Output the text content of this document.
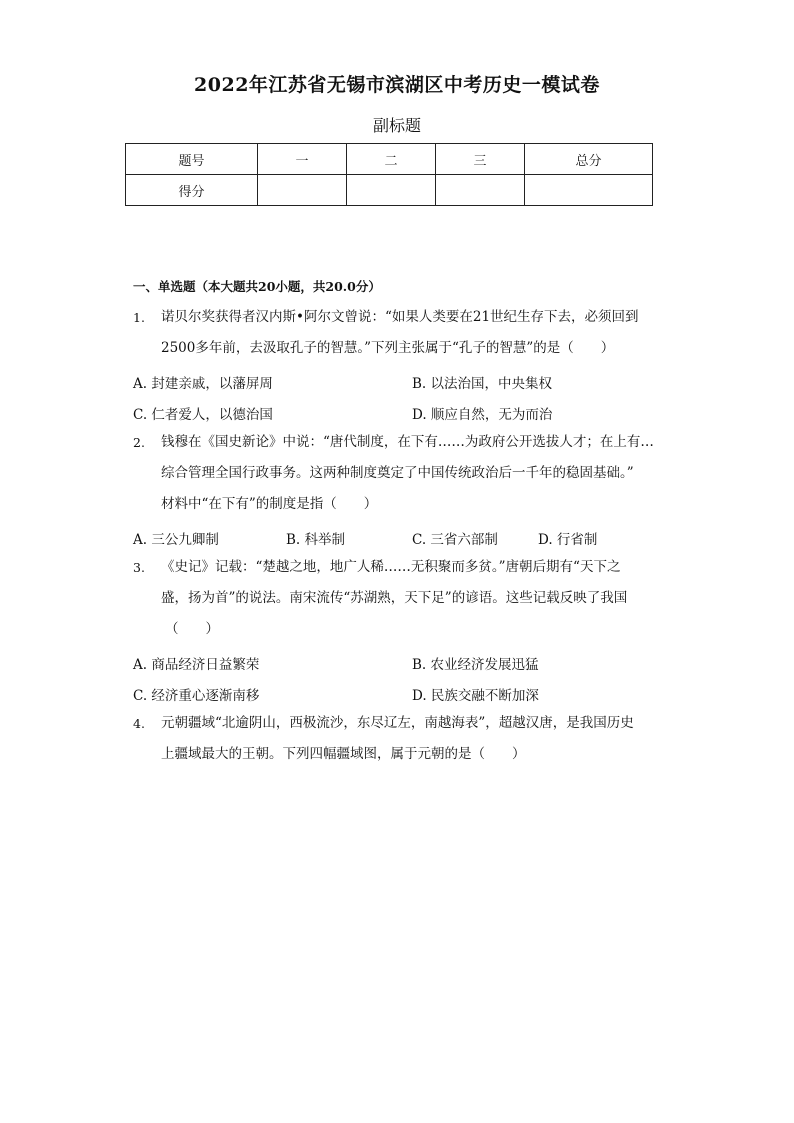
2022年江苏省无锡市滨湖区中考历史一模试卷
副标题
题号	一	二	三	总分
得分				
一、单选题（本大题共20小题，共20.0分）
1. 诺贝尔奖获得者汉内斯•阿尔文曾说：“如果人类要在21世纪生存下去，必须回到
2500多年前，去汲取孔子的智慧。”下列主张属于“孔子的智慧”的是（　　）
A. 封建亲戚，以藩屏周	B. 以法治国，中央集权
C. 仁者爱人，以德治国	D. 顺应自然，无为而治
2. 钱穆在《国史新论》中说：“唐代制度，在下有……为政府公开选拔人才；在上有…
综合管理全国行政事务。这两种制度奠定了中国传统政治后一千年的稳固基础。”
材料中“在下有”的制度是指（　　）
A. 三公九卿制	B. 科举制	C. 三省六部制	D. 行省制
3. 《史记》记载：“楚越之地，地广人稀……无积聚而多贫。”唐朝后期有“天下之
盛，扬为首”的说法。南宋流传“苏湖熟，天下足”的谚语。这些记载反映了我国
（　　）
A. 商品经济日益繁荣	B. 农业经济发展迅猛
C. 经济重心逐渐南移	D. 民族交融不断加深
4. 元朝疆域“北逾阴山，西极流沙，东尽辽左，南越海表”，超越汉唐，是我国历史
上疆域最大的王朝。下列四幅疆域图，属于元朝的是（　　）
